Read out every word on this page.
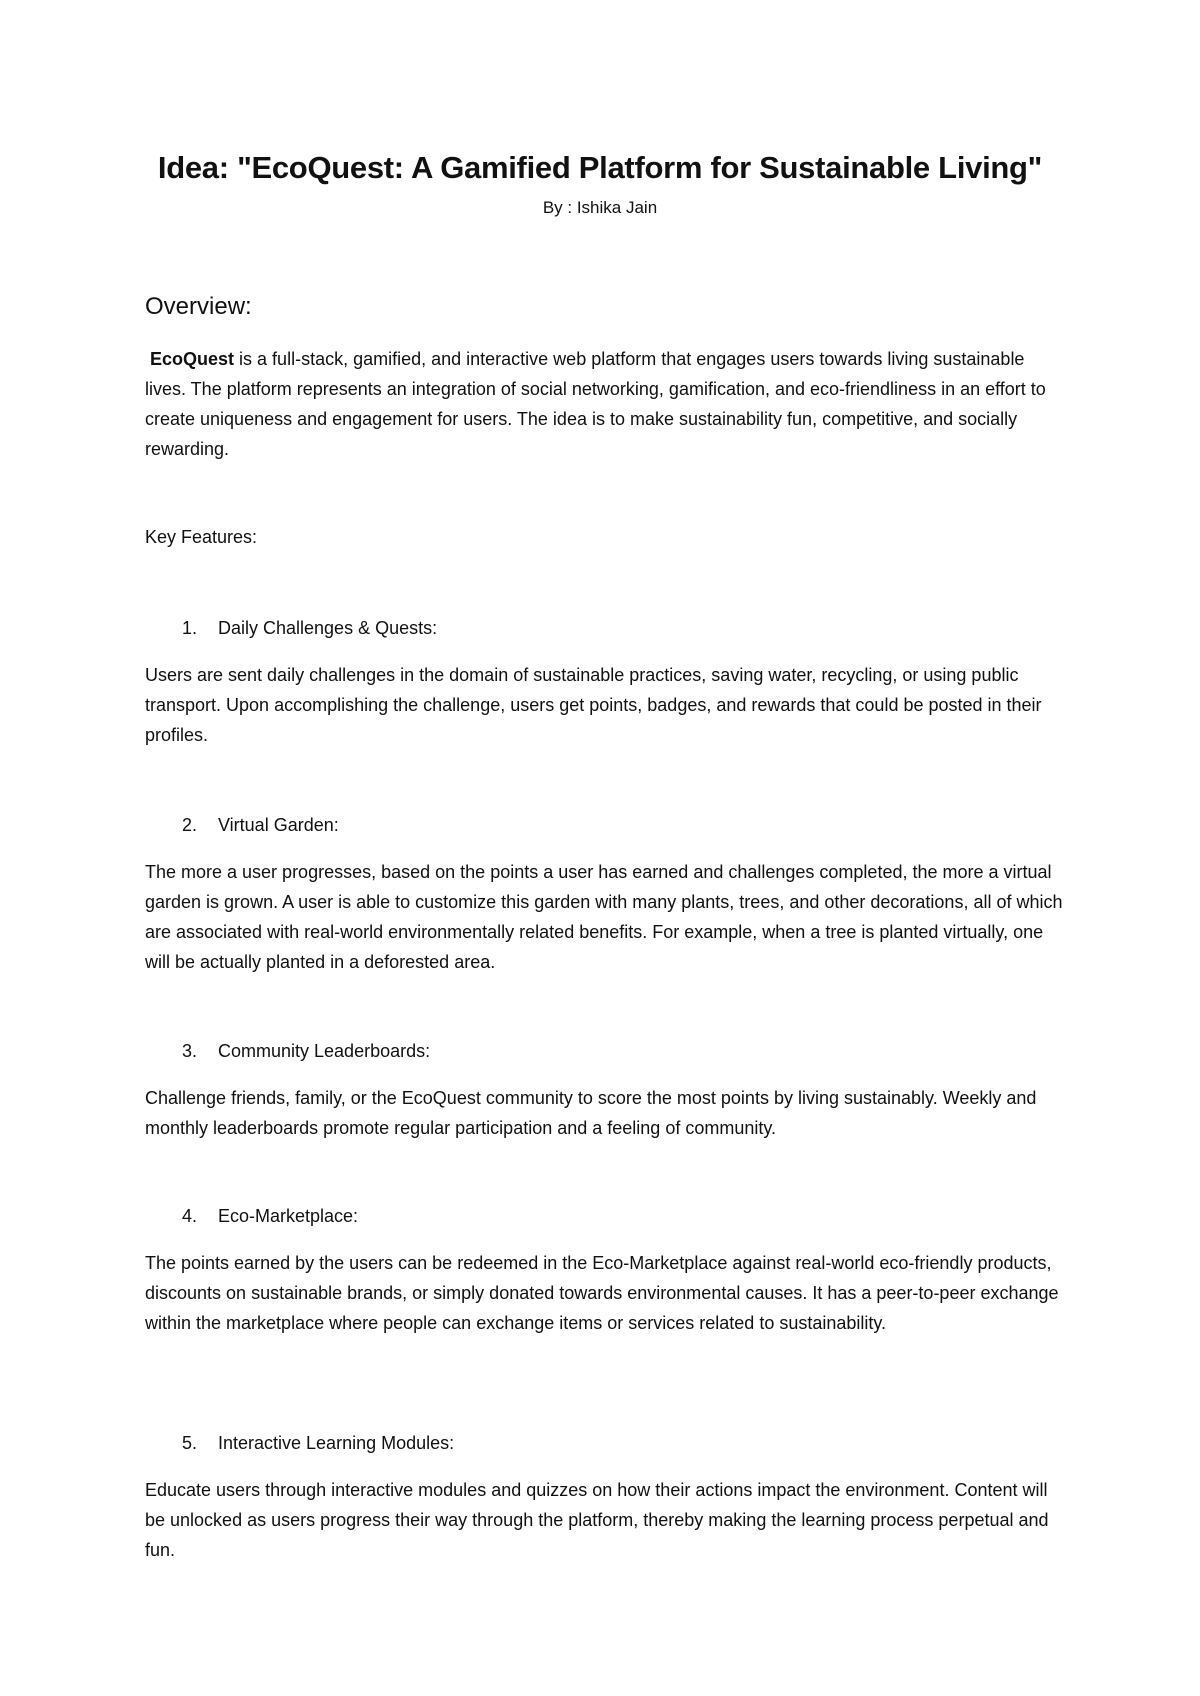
Idea: "EcoQuest: A Gamified Platform for Sustainable Living"

By : Ishika Jain

Overview:

EcoQuest is a full-stack, gamified, and interactive web platform that engages users towards living sustainable lives. The platform represents an integration of social networking, gamification, and eco-friendliness in an effort to create uniqueness and engagement for users. The idea is to make sustainability fun, competitive, and socially rewarding.

Key Features:

1. Daily Challenges & Quests:

Users are sent daily challenges in the domain of sustainable practices, saving water, recycling, or using public transport. Upon accomplishing the challenge, users get points, badges, and rewards that could be posted in their profiles.

2. Virtual Garden:

The more a user progresses, based on the points a user has earned and challenges completed, the more a virtual garden is grown. A user is able to customize this garden with many plants, trees, and other decorations, all of which are associated with real-world environmentally related benefits. For example, when a tree is planted virtually, one will be actually planted in a deforested area.

3. Community Leaderboards:

Challenge friends, family, or the EcoQuest community to score the most points by living sustainably. Weekly and monthly leaderboards promote regular participation and a feeling of community.

4. Eco-Marketplace:

The points earned by the users can be redeemed in the Eco-Marketplace against real-world eco-friendly products, discounts on sustainable brands, or simply donated towards environmental causes. It has a peer-to-peer exchange within the marketplace where people can exchange items or services related to sustainability.

5. Interactive Learning Modules:

Educate users through interactive modules and quizzes on how their actions impact the environment. Content will be unlocked as users progress their way through the platform, thereby making the learning process perpetual and fun.
